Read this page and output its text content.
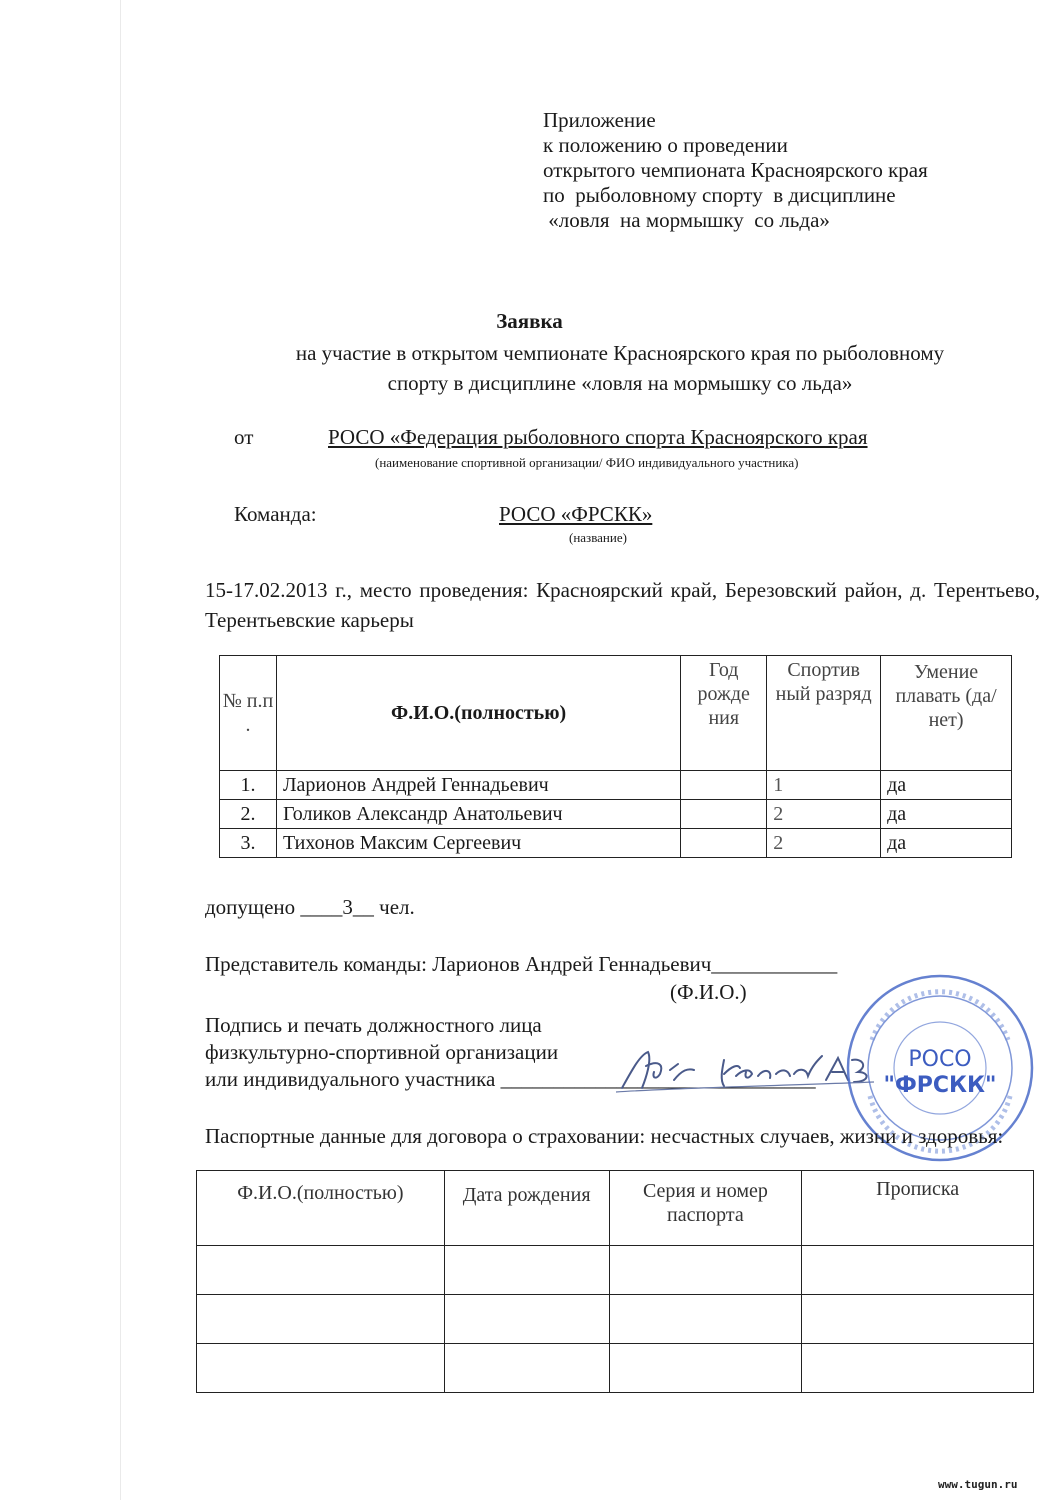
Приложение
к положению о проведении
открытого чемпионата Красноярского края
по  рыболовному спорту  в дисциплине
«ловля  на мормышку  со льда»
Заявка
на участие в открытом чемпионате Красноярского края по рыболовному
спорту в дисциплине «ловля на мормышку со льда»
от	РОСО «Федерация рыболовного спорта Красноярского края
(наименование спортивной организации/ ФИО индивидуального участника)
Команда:	РОСО «ФРСКК»
(название)
15-17.02.2013 г., место проведения: Красноярский край, Березовский район, д. Терентьево, Терентьевские карьеры
№ п.п .	Ф.И.О.(полностью)	Год рожде ния	Спортив ный разряд	Умение плавать (да/нет)
1.	Ларионов Андрей Геннадьевич		1	да
2.	Голиков Александр Анатольевич		2	да
3.	Тихонов Максим Сергеевич		2	да
допущено ____3__ чел.
Представитель команды: Ларионов Андрей Геннадьевич____________
(Ф.И.О.)
Подпись и печать должностного лица
физкультурно-спортивной организации
или индивидуального участника ______________________________
РОСО
"ФРСКК"
Паспортные данные для договора о страховании: несчастных случаев, жизни и здоровья:
Ф.И.О.(полностью)	Дата рождения	Серия и номер паспорта	Прописка

www.tugun.ru
